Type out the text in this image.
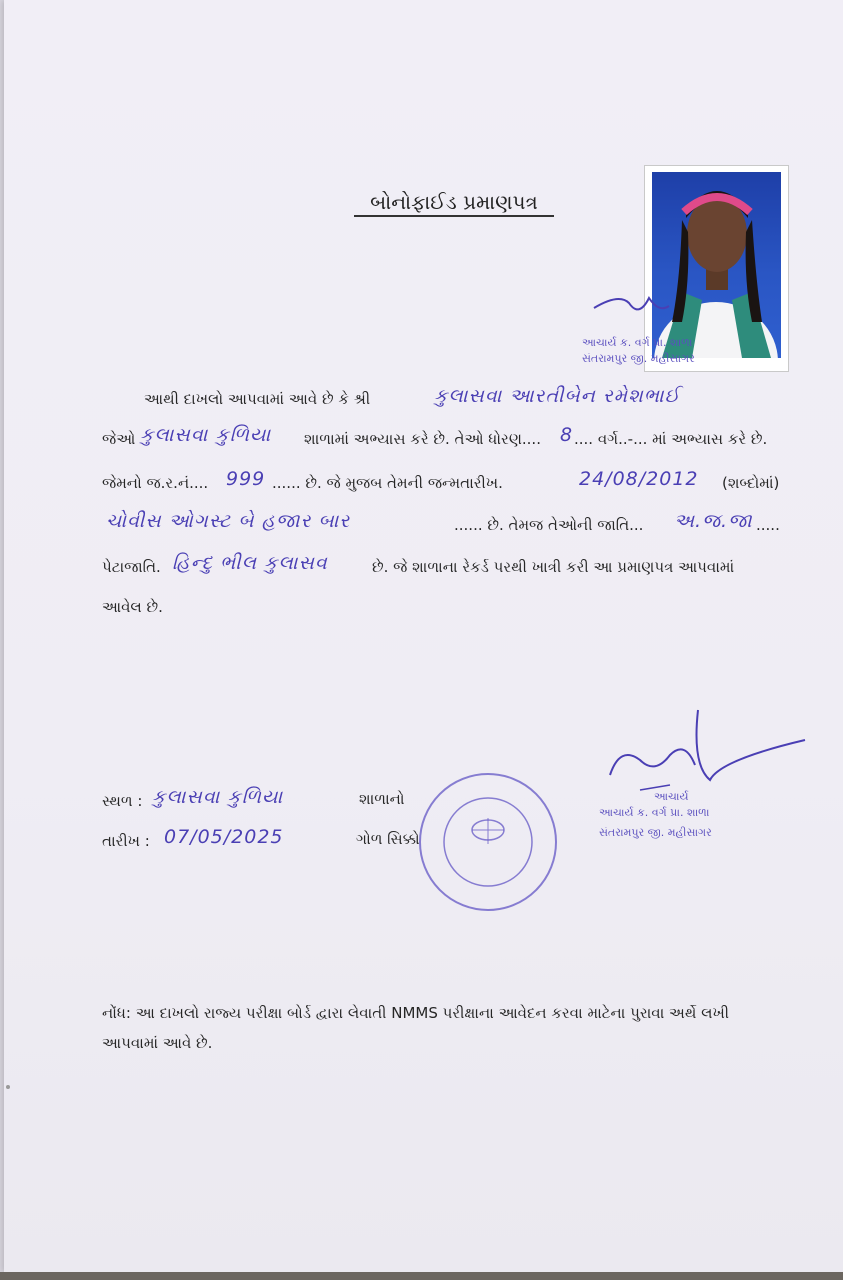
બોનોફાઈડ પ્રમાણપત્ર
આચાર્ય ક. વર્ગ પ્રા. શાળા
સંતરામપુર જી. મહીસાગર
આથી દાખલો આપવામાં આવે છે કે શ્રી	કુલાસવા આરતીબેન રમેશભાઈ
જેઓ કુલાસવા કુળિયા શાળામાં અભ્યાસ કરે છે. તેઓ ધોરણ.... 8 .... વર્ગ..-... માં અભ્યાસ કરે છે.
જેમનો જ.ર.નં.... 999 ...... છે. જે મુજબ તેમની જન્મતારીખ.	24/08/2012 (શબ્દોમાં)
ચોવીસ ઓગસ્ટ બે હજાર બાર	...... છે. તેમજ તેઓની જાતિ... અ.જ.જા .....
પેટાજાતિ. હિન્દુ ભીલ કુલાસવ	છે. જે શાળાના રેકર્ડ પરથી ખાત્રી કરી આ પ્રમાણપત્ર આપવામાં
આવેલ છે.
સ્થળ : કુલાસવા કુળિયા
તારીખ : 07/05/2025
શાળાનો
ગોળ સિક્કો
આચાર્ય
આચાર્ય ક. વર્ગ પ્રા. શાળા
સંતરામપુર જી. મહીસાગર
નોંધ: આ દાખલો રાજ્ય પરીક્ષા બોર્ડ દ્વારા લેવાતી NMMS પરીક્ષાના આવેદન કરવા માટેના પુરાવા અર્થે લખી આપવામાં આવે છે.
